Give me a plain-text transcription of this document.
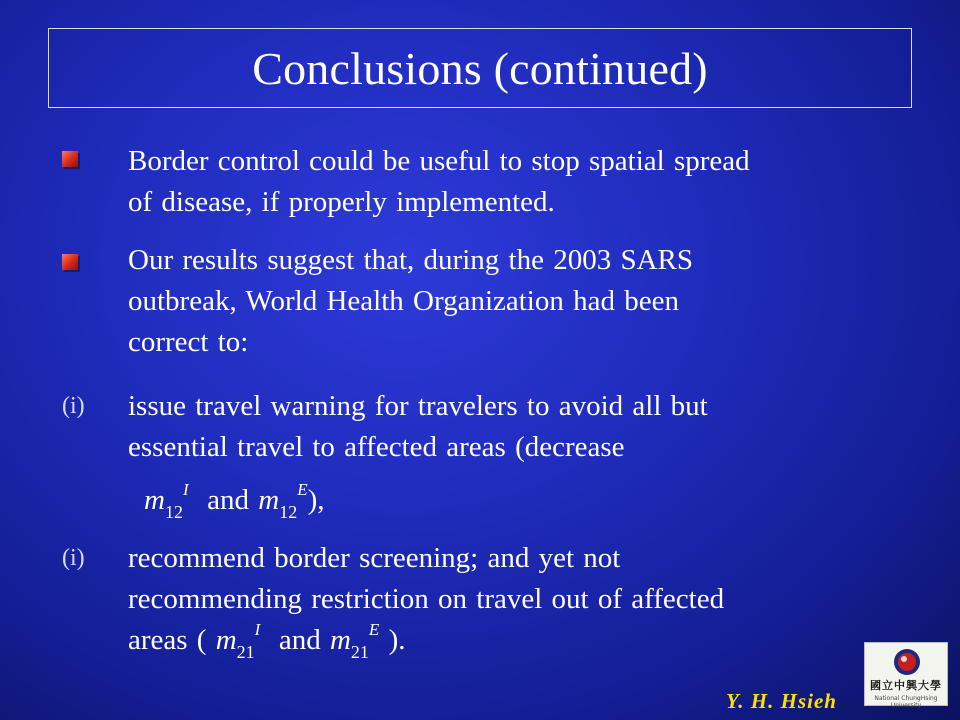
Conclusions (continued)
Border control could be useful to stop spatial spread
of disease, if properly implemented.
Our results suggest that, during the 2003 SARS
outbreak, World Health Organization had been
correct to:
(i) issue travel warning for travelers to avoid all but
essential travel to affected areas (decrease
$m_{12}^I$ and $m_{12}^E$),
(i) recommend border screening; and yet not
recommending restriction on travel out of affected
areas ( $m_{21}^I$ and $m_{21}^E$ ).
Y. H. Hsieh
國立中興大學
National ChungHsing University
